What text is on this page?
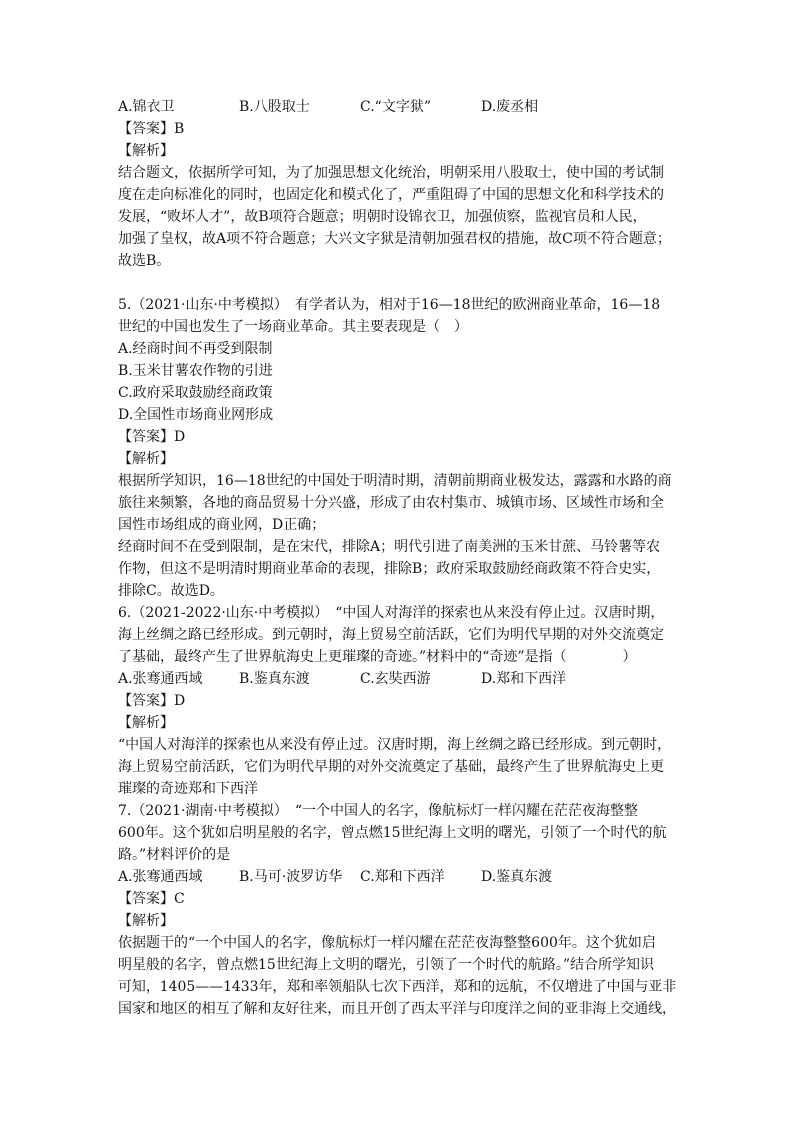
A.锦衣卫	B.八股取士	C.“文字狱”	D.废丞相
【答案】B
【解析】
结合题文，依据所学可知，为了加强思想文化统治，明朝采用八股取士，使中国的考试制
度在走向标准化的同时，也固定化和模式化了，严重阻碍了中国的思想文化和科学技术的
发展，“败坏人才”，故B项符合题意；明朝时设锦衣卫，加强侦察，监视官员和人民，
加强了皇权，故A项不符合题意；大兴文字狱是清朝加强君权的措施，故C项不符合题意；
故选B。
5.（2021·山东·中考模拟）　有学者认为，相对于16—18世纪的欧洲商业革命，16—18
世纪的中国也发生了一场商业革命。其主要表现是（　）
A.经商时间不再受到限制
B.玉米甘薯农作物的引进
C.政府采取鼓励经商政策
D.全国性市场商业网形成
【答案】D
【解析】
根据所学知识，16—18世纪的中国处于明清时期，清朝前期商业极发达，露露和水路的商
旅往来频繁，各地的商品贸易十分兴盛，形成了由农村集市、城镇市场、区域性市场和全
国性市场组成的商业网，D正确；
经商时间不在受到限制，是在宋代，排除A；明代引进了南美洲的玉米甘蔗、马铃薯等农
作物，但这不是明清时期商业革命的表现，排除B；政府采取鼓励经商政策不符合史实，
排除C。故选D。
6.（2021-2022·山东·中考模拟）　“中国人对海洋的探索也从来没有停止过。汉唐时期，
海上丝绸之路已经形成。到元朝时，海上贸易空前活跃，它们为明代早期的对外交流奠定
了基础，最终产生了世界航海史上更璀璨的奇迹。”材料中的“奇迹”是指（　　　　）
A.张骞通西域	B.鉴真东渡	C.玄奘西游	D.郑和下西洋
【答案】D
【解析】
“中国人对海洋的探索也从来没有停止过。汉唐时期，海上丝绸之路已经形成。到元朝时，
海上贸易空前活跃，它们为明代早期的对外交流奠定了基础，最终产生了世界航海史上更
璀璨的奇迹郑和下西洋
7.（2021·湖南·中考模拟）　“一个中国人的名字，像航标灯一样闪耀在茫茫夜海整整
600年。这个犹如启明星般的名字，曾点燃15世纪海上文明的曙光，引领了一个时代的航
路。”材料评价的是
A.张骞通西域	B.马可·波罗访华 C.郑和下西洋	D.鉴真东渡
【答案】C
【解析】
依据题干的“一个中国人的名字，像航标灯一样闪耀在茫茫夜海整整600年。这个犹如启
明星般的名字，曾点燃15世纪海上文明的曙光，引领了一个时代的航路。”结合所学知识
可知，1405——1433年，郑和率领船队七次下西洋，郑和的远航，不仅增进了中国与亚非
国家和地区的相互了解和友好往来，而且开创了西太平洋与印度洋之间的亚非海上交通线，
